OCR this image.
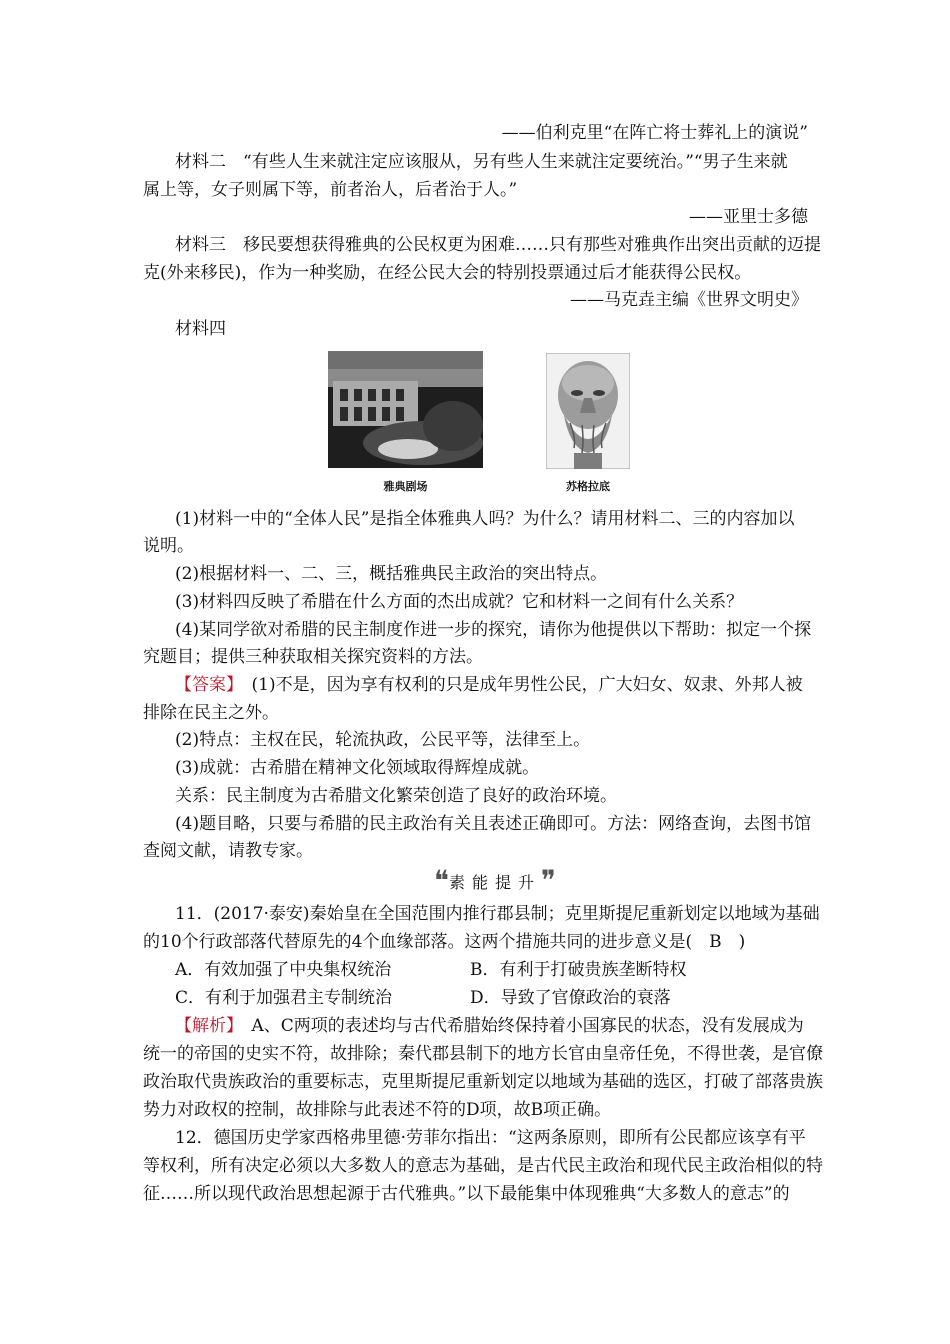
——伯利克里“在阵亡将士葬礼上的演说”
材料二　“有些人生来就注定应该服从，另有些人生来就注定要统治。”“男子生来就
属上等，女子则属下等，前者治人，后者治于人。”
——亚里士多德
材料三　移民要想获得雅典的公民权更为困难……只有那些对雅典作出突出贡献的迈提
克(外来移民)，作为一种奖励，在经公民大会的特别投票通过后才能获得公民权。
——马克垚主编《世界文明史》
材料四
(1)材料一中的“全体人民”是指全体雅典人吗？为什么？请用材料二、三的内容加以
说明。
(2)根据材料一、二、三，概括雅典民主政治的突出特点。
(3)材料四反映了希腊在什么方面的杰出成就？它和材料一之间有什么关系？
(4)某同学欲对希腊的民主制度作进一步的探究，请你为他提供以下帮助：拟定一个探
究题目；提供三种获取相关探究资料的方法。
【答案】　(1)不是，因为享有权利的只是成年男性公民，广大妇女、奴隶、外邦人被
排除在民主之外。
(2)特点：主权在民，轮流执政，公民平等，法律至上。
(3)成就：古希腊在精神文化领域取得辉煌成就。
关系：民主制度为古希腊文化繁荣创造了良好的政治环境。
(4)题目略，只要与希腊的民主政治有关且表述正确即可。方法：网络查询，去图书馆
查阅文献，请教专家。
11．(2017·泰安)秦始皇在全国范围内推行郡县制；克里斯提尼重新划定以地域为基础
的10个行政部落代替原先的4个血缘部落。这两个措施共同的进步意义是(　B　)
A．有效加强了中央集权统治
C．有利于加强君主专制统治
【解析】　A、C两项的表述均与古代希腊始终保持着小国寡民的状态，没有发展成为
统一的帝国的史实不符，故排除；秦代郡县制下的地方长官由皇帝任免，不得世袭，是官僚
政治取代贵族政治的重要标志，克里斯提尼重新划定以地域为基础的选区，打破了部落贵族
势力对政权的控制，故排除与此表述不符的D项，故B项正确。
12．德国历史学家西格弗里德·劳菲尔指出：“这两条原则，即所有公民都应该享有平
等权利，所有决定必须以大多数人的意志为基础，是古代民主政治和现代民主政治相似的特
征……所以现代政治思想起源于古代雅典。”以下最能集中体现雅典“大多数人的意志”的
雅典剧场	苏格拉底
❝ 素能提升 ❞
B．有利于打破贵族垄断特权
D．导致了官僚政治的衰落
